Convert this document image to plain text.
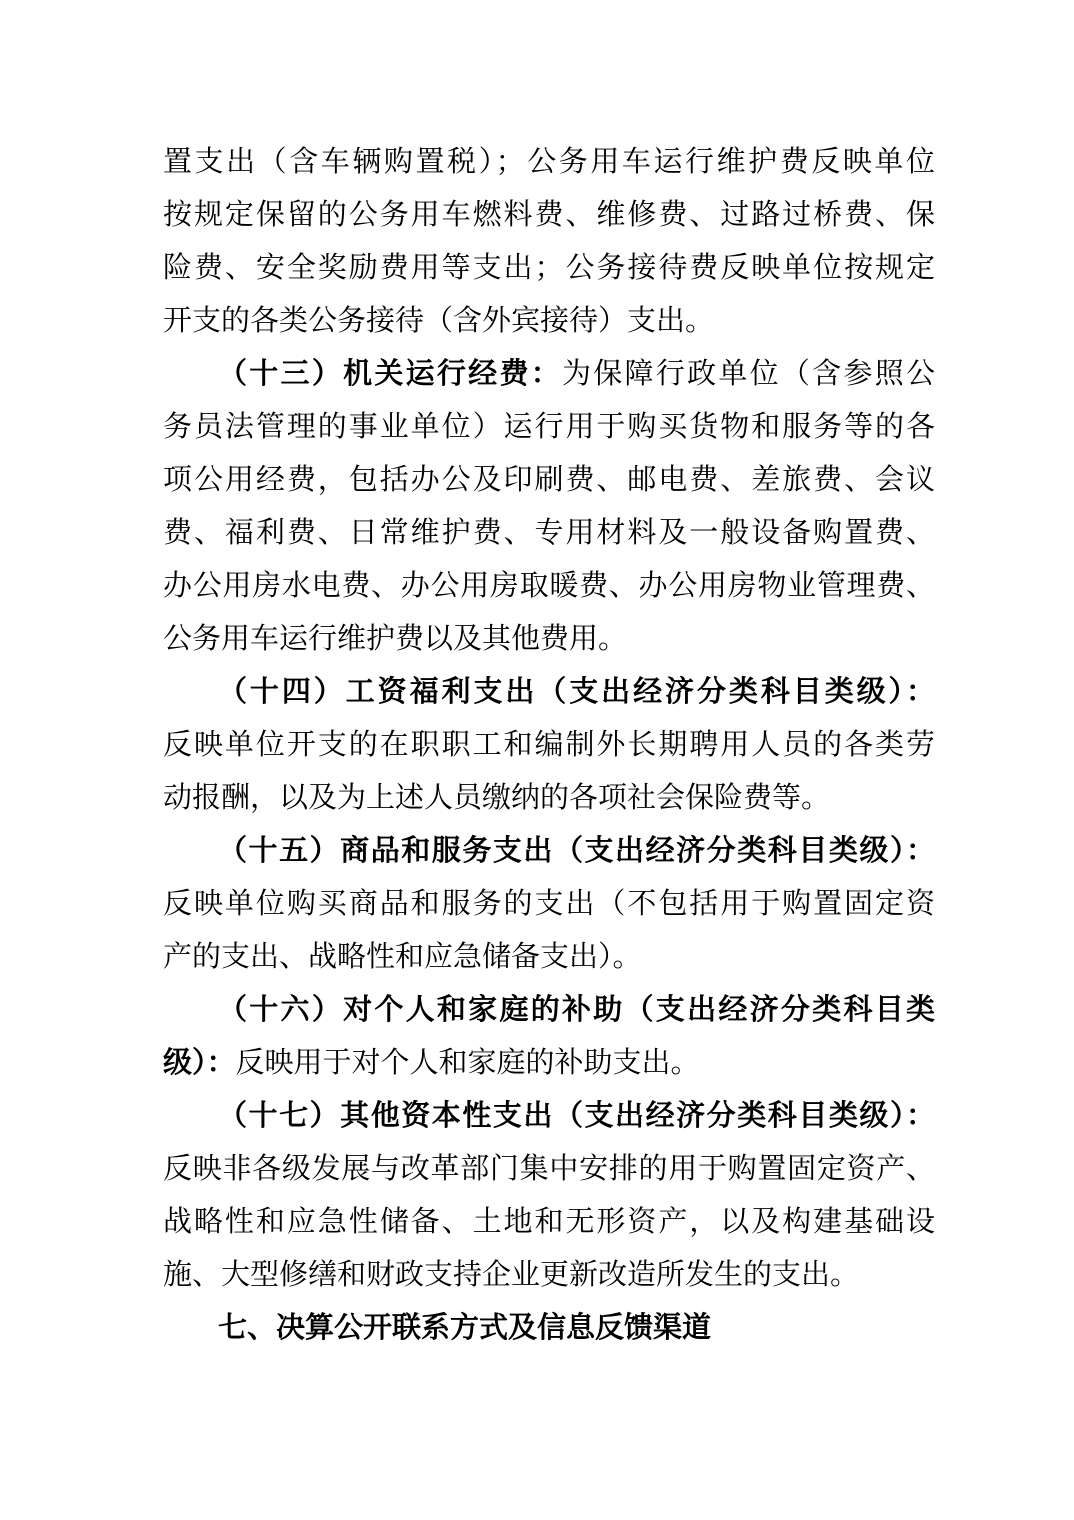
置支出（含车辆购置税）；公务用车运行维护费反映单位
按规定保留的公务用车燃料费、维修费、过路过桥费、保
险费、安全奖励费用等支出；公务接待费反映单位按规定
开支的各类公务接待（含外宾接待）支出。
（十三）机关运行经费：为保障行政单位（含参照公
务员法管理的事业单位）运行用于购买货物和服务等的各
项公用经费，包括办公及印刷费、邮电费、差旅费、会议
费、福利费、日常维护费、专用材料及一般设备购置费、
办公用房水电费、办公用房取暖费、办公用房物业管理费、
公务用车运行维护费以及其他费用。
（十四）工资福利支出（支出经济分类科目类级）：
反映单位开支的在职职工和编制外长期聘用人员的各类劳
动报酬，以及为上述人员缴纳的各项社会保险费等。
（十五）商品和服务支出（支出经济分类科目类级）：
反映单位购买商品和服务的支出（不包括用于购置固定资
产的支出、战略性和应急储备支出）。
（十六）对个人和家庭的补助（支出经济分类科目类
级）：反映用于对个人和家庭的补助支出。
（十七）其他资本性支出（支出经济分类科目类级）：
反映非各级发展与改革部门集中安排的用于购置固定资产、
战略性和应急性储备、土地和无形资产，以及构建基础设
施、大型修缮和财政支持企业更新改造所发生的支出。
七、决算公开联系方式及信息反馈渠道
